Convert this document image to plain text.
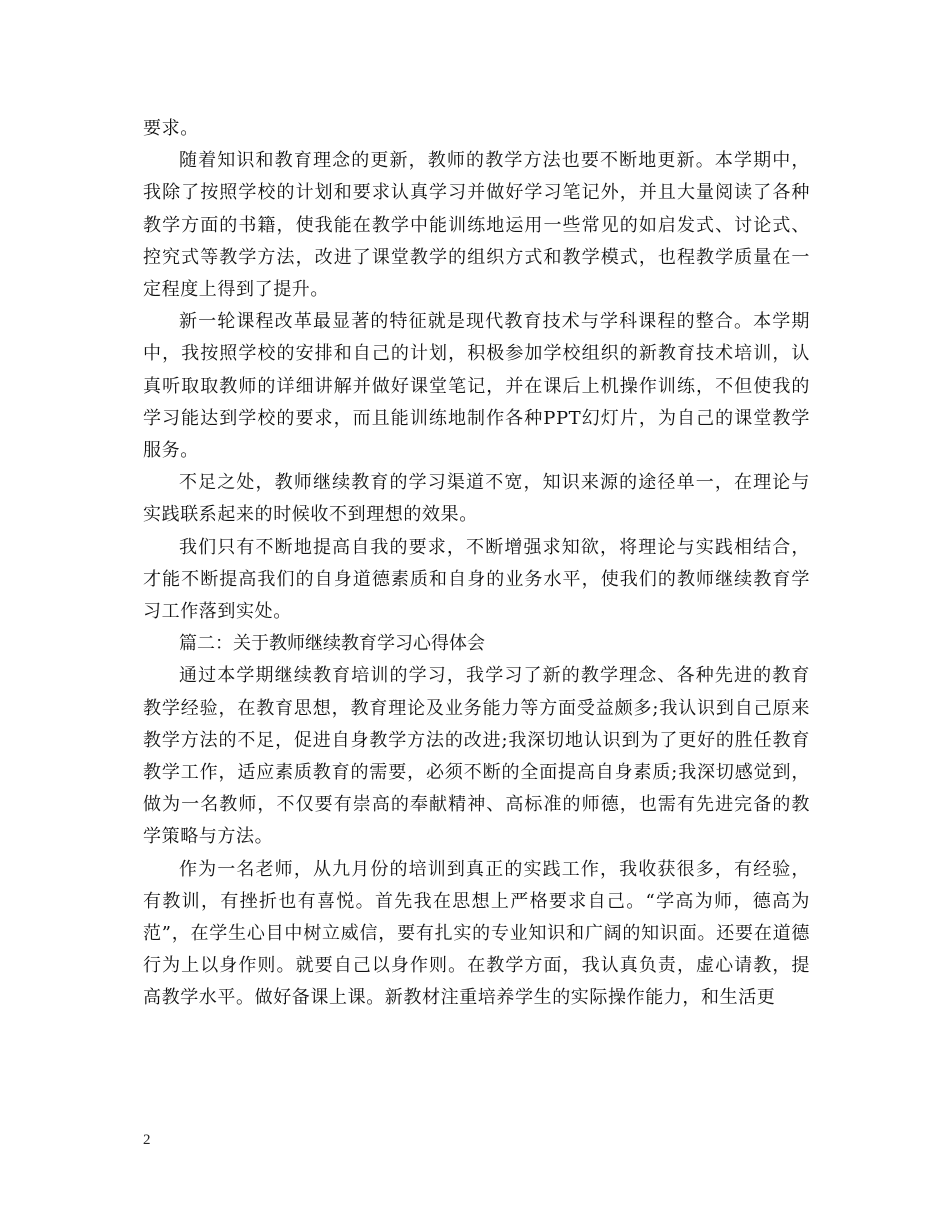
要求。

随着知识和教育理念的更新，教师的教学方法也要不断地更新。本学期中，我除了按照学校的计划和要求认真学习并做好学习笔记外，并且大量阅读了各种教学方面的书籍，使我能在教学中能训练地运用一些常见的如启发式、讨论式、控究式等教学方法，改进了课堂教学的组织方式和教学模式，也程教学质量在一定程度上得到了提升。

新一轮课程改革最显著的特征就是现代教育技术与学科课程的整合。本学期中，我按照学校的安排和自己的计划，积极参加学校组织的新教育技术培训，认真听取取教师的详细讲解并做好课堂笔记，并在课后上机操作训练，不但使我的学习能达到学校的要求，而且能训练地制作各种PPT幻灯片，为自己的课堂教学服务。

不足之处，教师继续教育的学习渠道不宽，知识来源的途径单一，在理论与实践联系起来的时候收不到理想的效果。

我们只有不断地提高自我的要求，不断增强求知欲，将理论与实践相结合，才能不断提高我们的自身道德素质和自身的业务水平，使我们的教师继续教育学习工作落到实处。

篇二：关于教师继续教育学习心得体会

通过本学期继续教育培训的学习，我学习了新的教学理念、各种先进的教育教学经验，在教育思想，教育理论及业务能力等方面受益颇多;我认识到自己原来教学方法的不足，促进自身教学方法的改进;我深切地认识到为了更好的胜任教育教学工作，适应素质教育的需要，必须不断的全面提高自身素质;我深切感觉到，做为一名教师，不仅要有崇高的奉献精神、高标准的师德，也需有先进完备的教学策略与方法。

作为一名老师，从九月份的培训到真正的实践工作，我收获很多，有经验，有教训，有挫折也有喜悦。首先我在思想上严格要求自己。“学高为师，德高为范”，在学生心目中树立威信，要有扎实的专业知识和广阔的知识面。还要在道德行为上以身作则。就要自己以身作则。在教学方面，我认真负责，虚心请教，提高教学水平。做好备课上课。新教材注重培养学生的实际操作能力，和生活更

2
